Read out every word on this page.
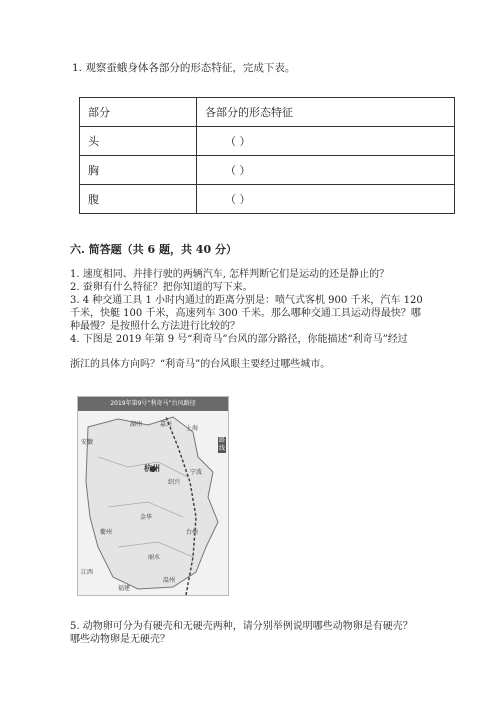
1. 观察蚕蛾身体各部分的形态特征，完成下表。
部分	各部分的形态特征
头	（ ）
胸	（ ）
腹	（ ）
六. 简答题（共 6 题，共 40 分）
1. 速度相同、并排行驶的两辆汽车, 怎样判断它们是运动的还是静止的？
2. 蚕卵有什么特征？把你知道的写下来。
3. 4 种交通工具 1 小时内通过的距离分别是：喷气式客机 900 千米，汽车 120
千米，快艇 100 千米，高速列车 300 千米。那么哪种交通工具运动得最快？哪
种最慢？是按照什么方法进行比较的？
4. 下图是 2019 年第 9 号“利奇马”台风的部分路径，你能描述“利奇马”经过
浙江的具体方向吗？“利奇马”的台风眼主要经过哪些城市。
2019年第9号“利奇马”台风路径
湖州	嘉兴
上海
杭州
绍兴
宁波
衢州
金华
台州
丽水
温州
安徽
江西
福建
路
线
5. 动物卵可分为有硬壳和无硬壳两种，请分别举例说明哪些动物卵是有硬壳？
哪些动物卵是无硬壳？
